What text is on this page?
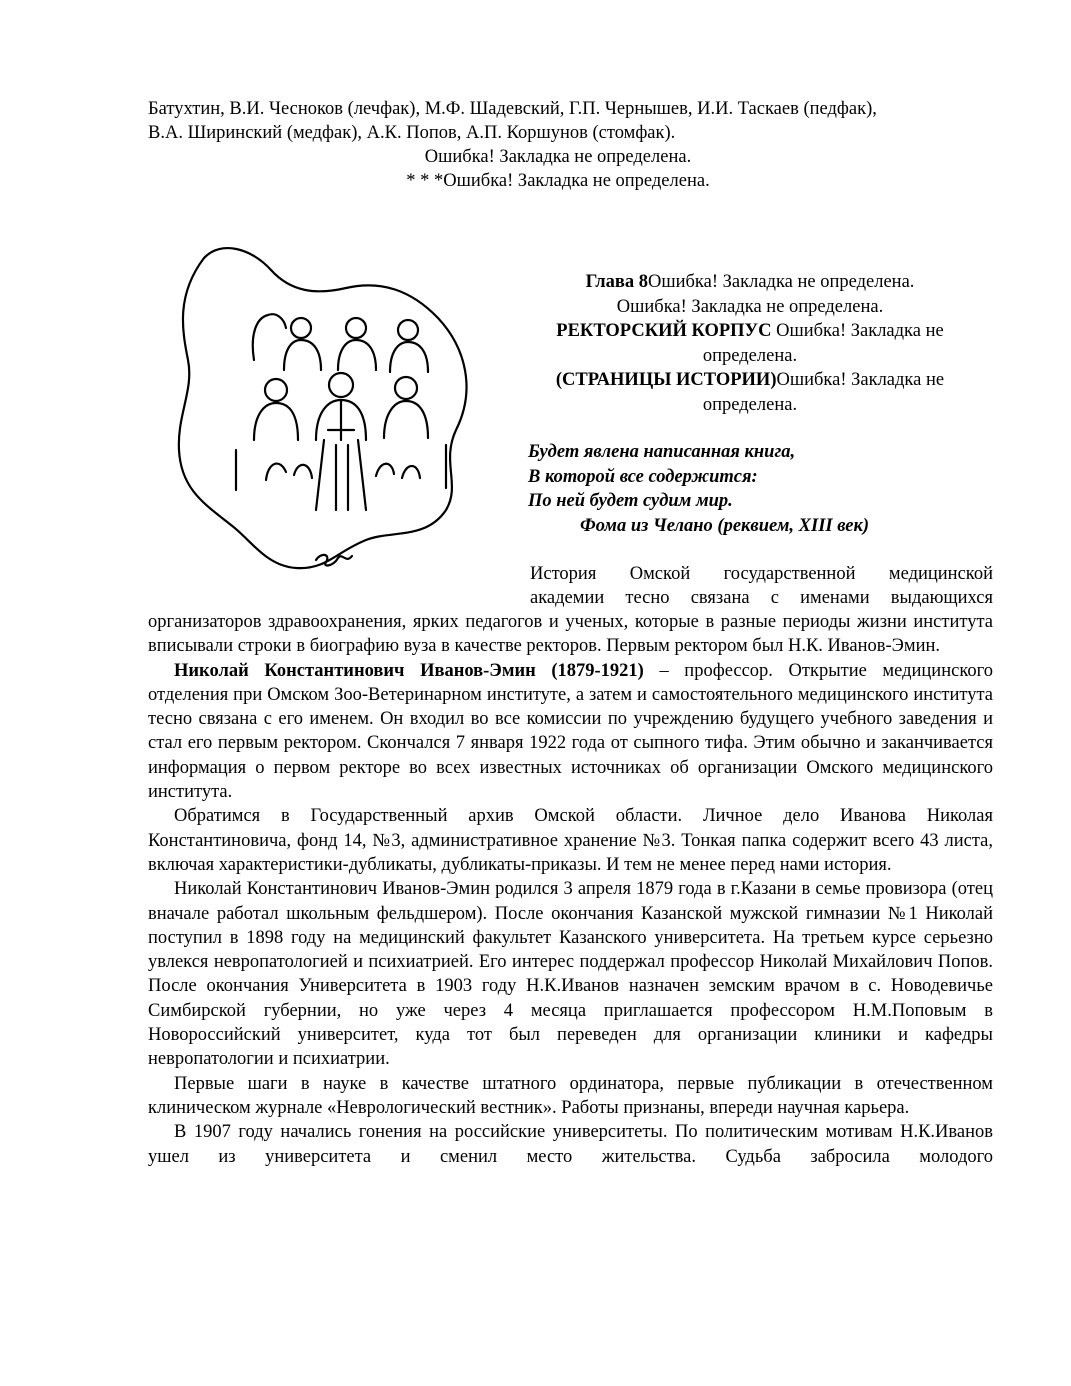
Батухтин, В.И. Чесноков (лечфак), М.Ф. Шадевский, Г.П. Чернышев, И.И. Таскаев (педфак),
В.А. Ширинский (медфак), А.К. Попов, А.П. Коршунов (стомфак).
Ошибка! Закладка не определена.
* * *Ошибка! Закладка не определена.
Глава 8Ошибка! Закладка не определена.
Ошибка! Закладка не определена.
РЕКТОРСКИЙ КОРПУС Ошибка! Закладка не определена.
(СТРАНИЦЫ ИСТОРИИ)Ошибка! Закладка не определена.
Будет явлена написанная книга,
В которой все содержится:
По ней будет судим мир.
Фома из Челано (реквием, XIII век)
История Омской государственной медицинской
академии тесно связана с именами выдающихся

организаторов здравоохранения, ярких педагогов и ученых, которые в разные периоды жизни института вписывали строки в биографию вуза в качестве ректоров. Первым ректором был Н.К. Иванов-Эмин.

Николай Константинович Иванов-Эмин (1879-1921) – профессор. Открытие медицинского отделения при Омском Зоо-Ветеринарном институте, а затем и самостоятельного медицинского института тесно связана с его именем. Он входил во все комиссии по учреждению будущего учебного заведения и стал его первым ректором. Скончался 7 января 1922 года от сыпного тифа. Этим обычно и заканчивается информация о первом ректоре во всех известных источниках об организации Омского медицинского института.

Обратимся в Государственный архив Омской области. Личное дело Иванова Николая Константиновича, фонд 14, №3, административное хранение №3. Тонкая папка содержит всего 43 листа, включая характеристики-дубликаты, дубликаты-приказы. И тем не менее перед нами история.

Николай Константинович Иванов-Эмин родился 3 апреля 1879 года в г.Казани в семье провизора (отец вначале работал школьным фельдшером). После окончания Казанской мужской гимназии №1 Николай поступил в 1898 году на медицинский факультет Казанского университета. На третьем курсе серьезно увлекся невропатологией и психиатрией. Его интерес поддержал профессор Николай Михайлович Попов. После окончания Университета в 1903 году Н.К.Иванов назначен земским врачом в с. Новодевичье Симбирской губернии, но уже через 4 месяца приглашается профессором Н.М.Поповым в Новороссийский университет, куда тот был переведен для организации клиники и кафедры невропатологии и психиатрии.

Первые шаги в науке в качестве штатного ординатора, первые публикации в отечественном клиническом журнале «Неврологический вестник». Работы признаны, впереди научная карьера.

В 1907 году начались гонения на российские университеты. По политическим мотивам Н.К.Иванов ушел из университета и сменил место жительства. Судьба забросила молодого
